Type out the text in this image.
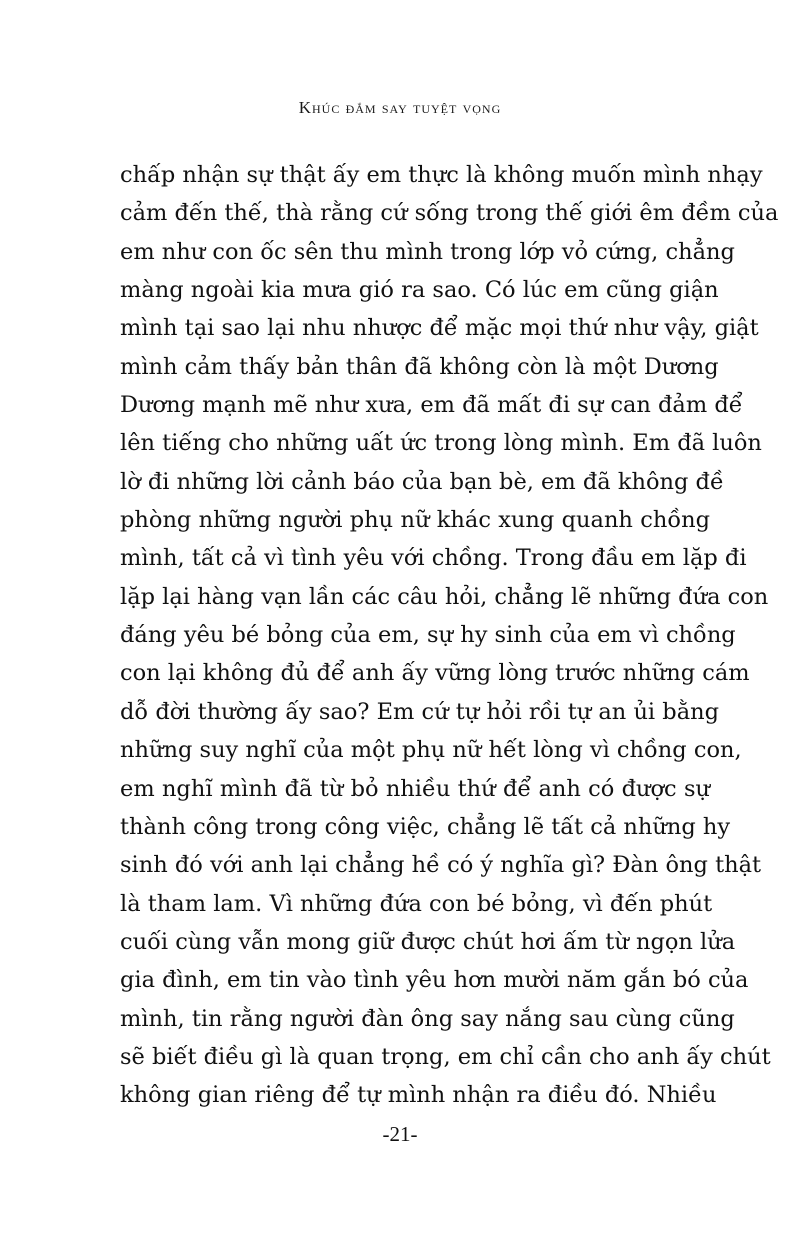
Khúc đắm say tuyệt vọng
chấp nhận sự thật ấy em thực là không muốn mình nhạy
cảm đến thế, thà rằng cứ sống trong thế giới êm đềm của
em như con ốc sên thu mình trong lớp vỏ cứng, chẳng
màng ngoài kia mưa gió ra sao. Có lúc em cũng giận
mình tại sao lại nhu nhược để mặc mọi thứ như vậy, giật
mình cảm thấy bản thân đã không còn là một Dương
Dương mạnh mẽ như xưa, em đã mất đi sự can đảm để
lên tiếng cho những uất ức trong lòng mình. Em đã luôn
lờ đi những lời cảnh báo của bạn bè, em đã không đề
phòng những người phụ nữ khác xung quanh chồng
mình, tất cả vì tình yêu với chồng. Trong đầu em lặp đi
lặp lại hàng vạn lần các câu hỏi, chẳng lẽ những đứa con
đáng yêu bé bỏng của em, sự hy sinh của em vì chồng
con lại không đủ để anh ấy vững lòng trước những cám
dỗ đời thường ấy sao? Em cứ tự hỏi rồi tự an ủi bằng
những suy nghĩ của một phụ nữ hết lòng vì chồng con,
em nghĩ mình đã từ bỏ nhiều thứ để anh có được sự
thành công trong công việc, chẳng lẽ tất cả những hy
sinh đó với anh lại chẳng hề có ý nghĩa gì? Đàn ông thật
là tham lam. Vì những đứa con bé bỏng, vì đến phút
cuối cùng vẫn mong giữ được chút hơi ấm từ ngọn lửa
gia đình, em tin vào tình yêu hơn mười năm gắn bó của
mình, tin rằng người đàn ông say nắng sau cùng cũng
sẽ biết điều gì là quan trọng, em chỉ cần cho anh ấy chút
không gian riêng để tự mình nhận ra điều đó. Nhiều
-21-
